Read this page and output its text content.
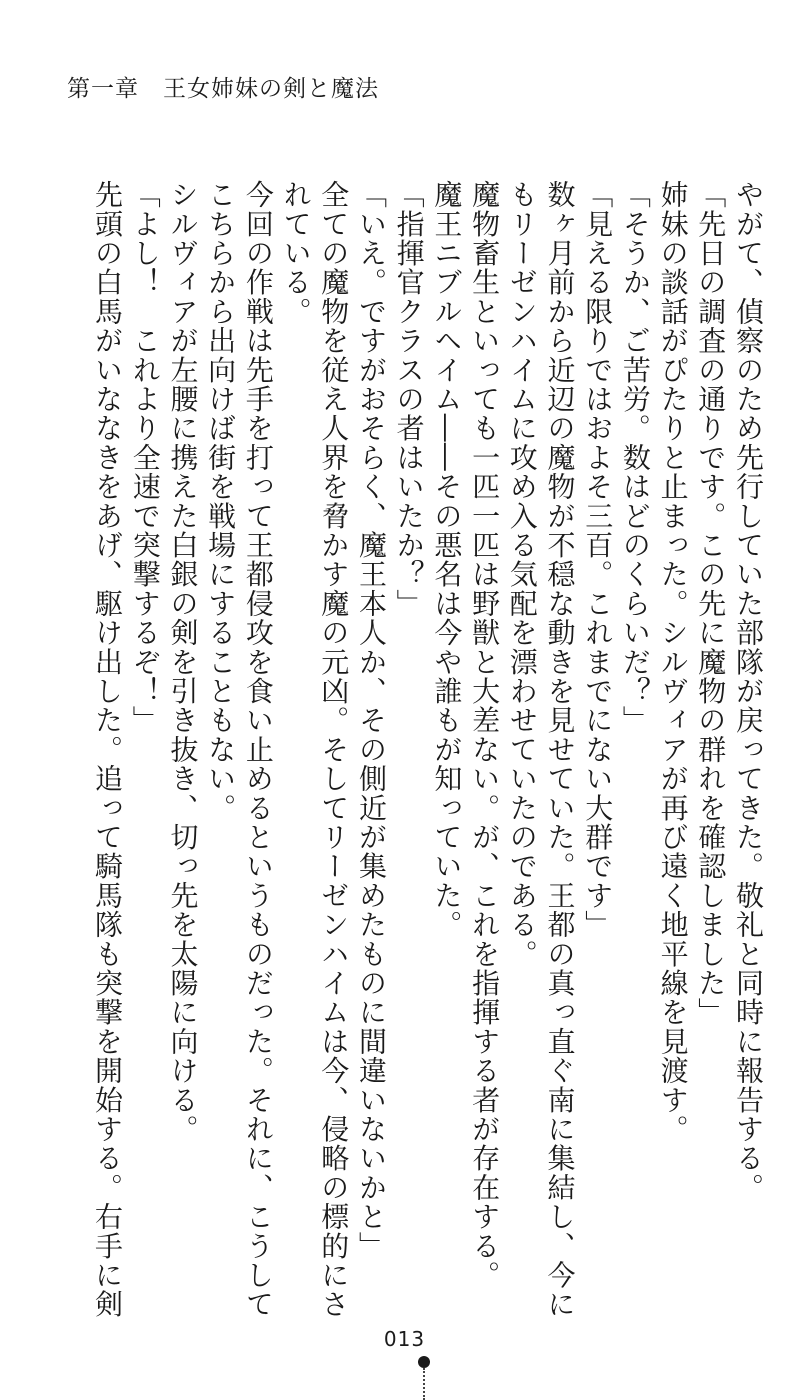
第一章　王女姉妹の剣と魔法

やがて、偵察のため先行していた部隊が戻ってきた。敬礼と同時に報告する。

「先日の調査の通りです。この先に魔物の群れを確認しました」

姉妹の談話がぴたりと止まった。シルヴィアが再び遠く地平線を見渡す。

「そうか、ご苦労。数はどのくらいだ？」

「見える限りではおよそ三百。これまでにない大群です」

数ヶ月前から近辺の魔物が不穏な動きを見せていた。王都の真っ直ぐ南に集結し、今に

もリーゼンハイムに攻め入る気配を漂わせていたのである。

魔物畜生といっても一匹一匹は野獣と大差ない。が、これを指揮する者が存在する。

魔王ニブルヘイム――その悪名は今や誰もが知っていた。

「指揮官クラスの者はいたか？」

「いえ。ですがおそらく、魔王本人か、その側近が集めたものに間違いないかと」

全ての魔物を従え人界を脅かす魔の元凶。そしてリーゼンハイムは今、侵略の標的にさ

れている。

今回の作戦は先手を打って王都侵攻を食い止めるというものだった。それに、こうして

こちらから出向けば街を戦場にすることもない。

シルヴィアが左腰に携えた白銀の剣を引き抜き、切っ先を太陽に向ける。

「よし！　これより全速で突撃するぞ！」

先頭の白馬がいななきをあげ、駆け出した。追って騎馬隊も突撃を開始する。右手に剣

013
